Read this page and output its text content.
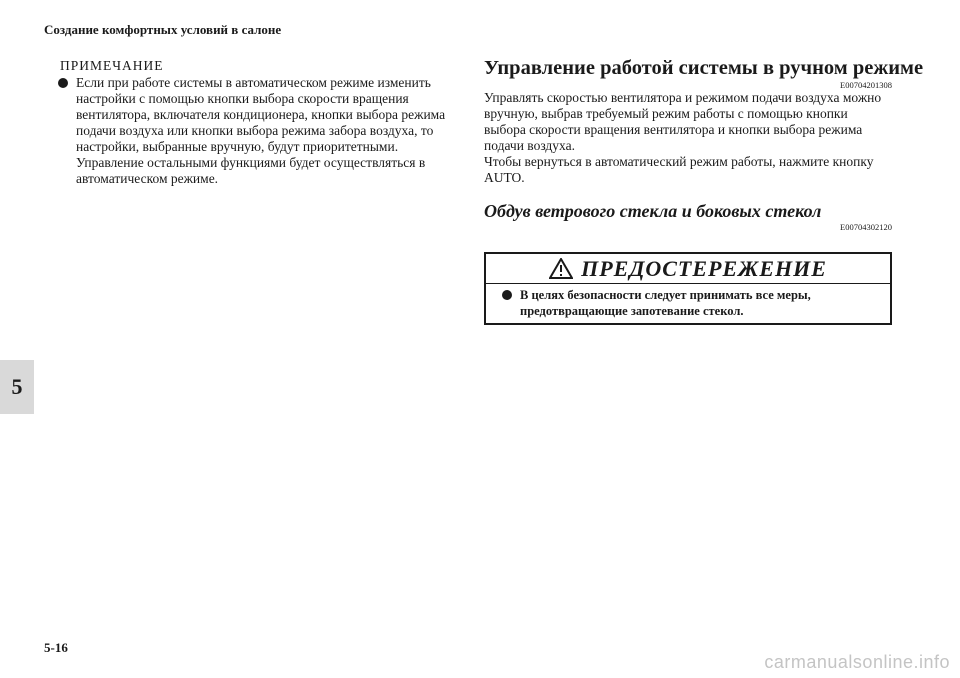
Создание комфортных условий в салоне
5
ПРИМЕЧАНИЕ
Если при работе системы в автоматическом режиме изменить настройки с помощью кнопки выбора скорости вращения вентилятора, включателя кондиционера, кнопки выбора режима подачи воздуха или кнопки выбора режима забора воздуха, то настройки, выбранные вручную, будут приоритетными. Управление остальными функциями будет осуществляться в автоматическом режиме.
Управление работой системы в ручном режиме
E00704201308
Управлять скоростью вентилятора и режимом подачи воздуха можно вручную, выбрав требуемый режим работы с помощью кнопки выбора скорости вращения вентилятора и кнопки выбора режима подачи воздуха.
Чтобы вернуться в автоматический режим работы, нажмите кнопку AUTO.
Обдув ветрового стекла и боковых стекол
E00704302120
ПРЕДОСТЕРЕЖЕНИЕ
В целях безопасности следует принимать все меры, предотвращающие запотевание стекол.
5-16
carmanualsonline.info
